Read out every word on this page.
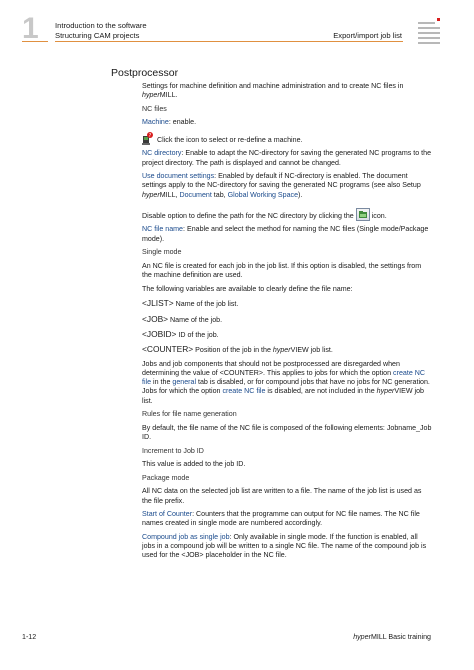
1 Introduction to the software
Structuring CAM projects	Export/import job list
Postprocessor

Settings for machine definition and machine administration and to create NC files in hyperMILL.

NC files

Machine: enable.

? Click the icon to select or re-define a machine.

NC directory: Enable to adapt the NC-directory for saving the generated NC programs to the project directory. The path is displayed and cannot be changed.

Use document settings: Enabled by default if NC-directory is enabled. The document settings apply to the NC-directory for saving the generated NC programs (see also Setup hyperMILL, Document tab, Global Working Space).

Disable option to define the path for the NC directory by clicking the
icon.

NC file name: Enable and select the method for naming the NC files (Single mode/Package mode).

Single mode

An NC file is created for each job in the job list. If this option is disabled, the settings from the machine definition are used.

The following variables are available to clearly define the file name:

<JLIST> Name of the job list.

<JOB> Name of the job.

<JOBID> ID of the job.

<COUNTER> Position of the job in the hyperVIEW job list.

Jobs and job components that should not be postprocessed are disregarded when determining the value of <COUNTER>. This applies to jobs for which the option create NC file in the general tab is disabled, or for compound jobs that have no jobs for NC generation. Jobs for which the option create NC file is disabled, are not included in the hyperVIEW job list.

Rules for file name generation

By default, the file name of the NC file is composed of the following elements: Jobname_Job ID.

Increment to Job ID

This value is added to the job ID.

Package mode

All NC data on the selected job list are written to a file. The name of the job list is used as the file prefix.

Start of Counter: Counters that the programme can output for NC file names. The NC file names created in single mode are numbered accordingly.

Compound job as single job: Only available in single mode. If the function is enabled, all jobs in a compound job will be written to a single NC file. The name of the compound job is used for the <JOB> placeholder in the NC file.

1-12	hyperMILL Basic training
